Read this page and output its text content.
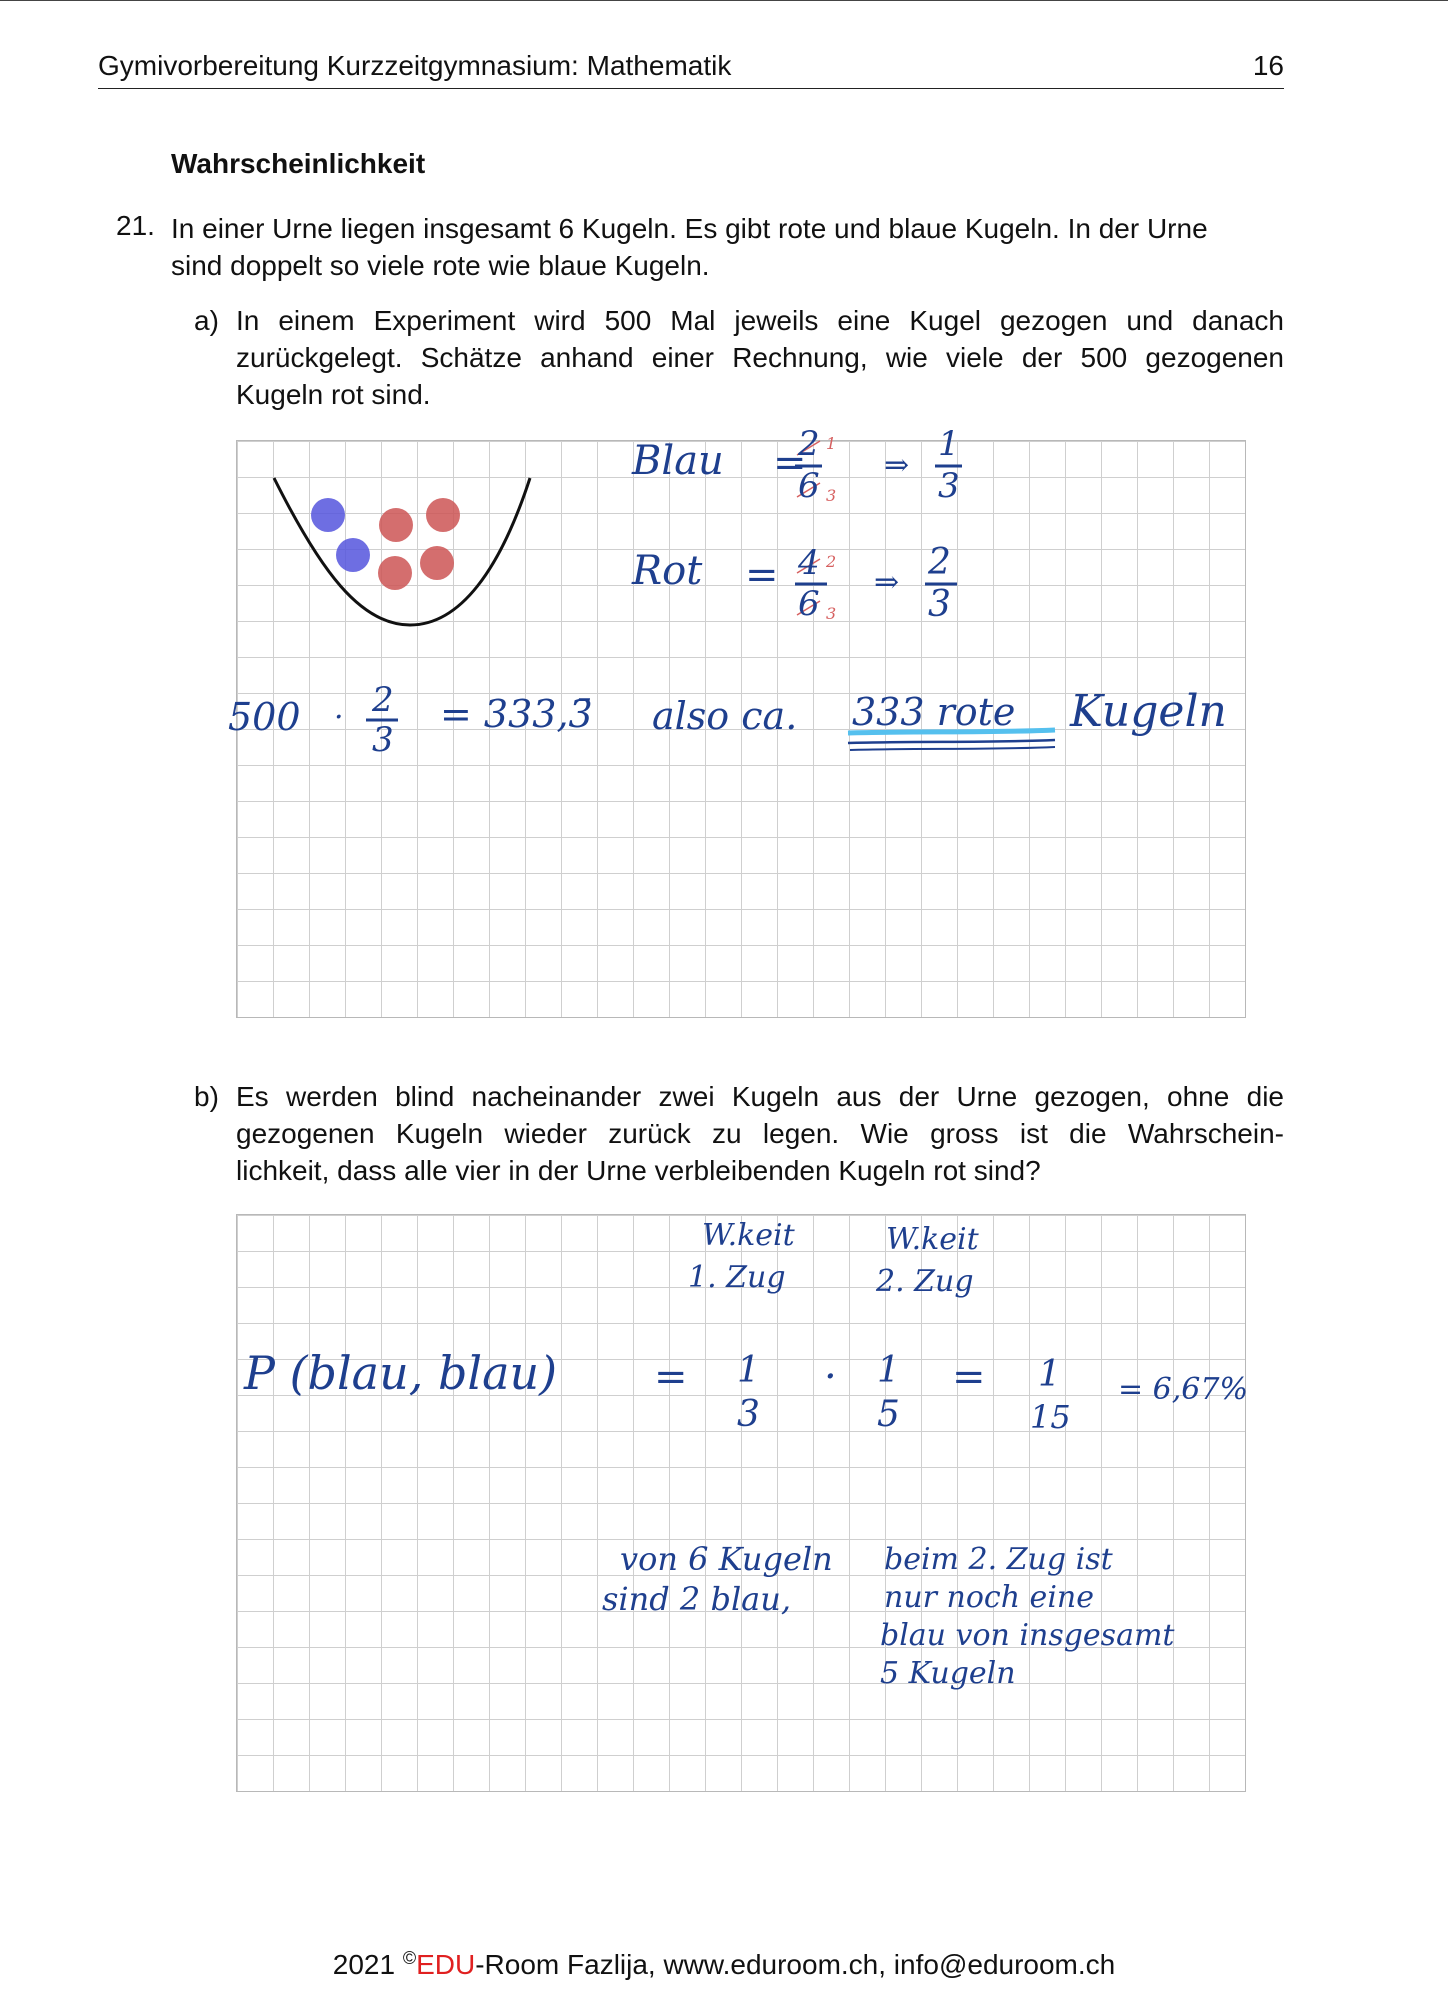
Gymivorbereitung Kurzzeitgymnasium: Mathematik	16
Wahrscheinlichkeit
21. In einer Urne liegen insgesamt 6 Kugeln. Es gibt rote und blaue Kugeln. In der Urne
sind doppelt so viele rote wie blaue Kugeln.
a) In einem Experiment wird 500 Mal jeweils eine Kugel gezogen und danach
zurückgelegt. Schätze anhand einer Rechnung, wie viele der 500 gezogenen
Kugeln rot sind.
Blau =
2
6
1
3
⇒
1
3
Rot = 4
6
2
3
⇒ 2
3
500 · 2
3
= 333,3̄ also ca. 333 rote Kugeln
b) Es werden blind nacheinander zwei Kugeln aus der Urne gezogen, ohne die
gezogenen Kugeln wieder zurück zu legen. Wie gross ist die Wahrschein-
lichkeit, dass alle vier in der Urne verbleibenden Kugeln rot sind?
W.keit
1. Zug
W.keit
2. Zug
P (blau, blau) = 1
3
· 1
5
= 1
15
= 6,67%
von 6 Kugeln
sind 2 blau,
beim 2. Zug ist
nur noch eine
blau von insgesamt
5 Kugeln
2021 ©EDU-Room Fazlija, www.eduroom.ch, info@eduroom.ch
